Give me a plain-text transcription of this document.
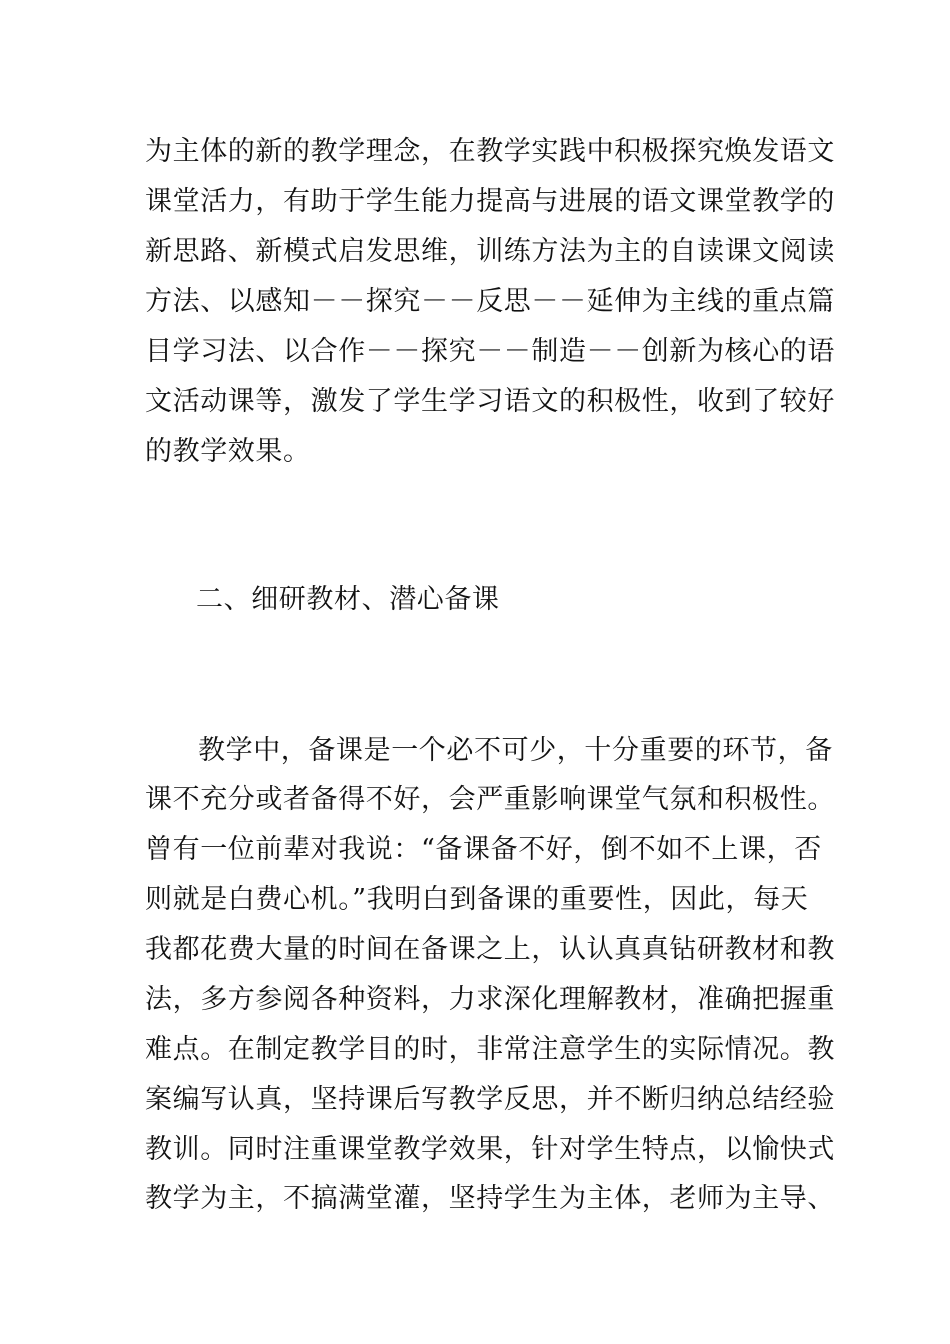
为主体的新的教学理念，在教学实践中积极探究焕发语文
课堂活力，有助于学生能力提高与进展的语文课堂教学的
新思路、新模式启发思维，训练方法为主的自读课文阅读
方法、以感知－－探究－－反思－－延伸为主线的重点篇
目学习法、以合作－－探究－－制造－－创新为核心的语
文活动课等，激发了学生学习语文的积极性，收到了较好
的教学效果。
二、细研教材、潜心备课
教学中，备课是一个必不可少，十分重要的环节，备
课不充分或者备得不好，会严重影响课堂气氛和积极性。
曾有一位前辈对我说：“备课备不好，倒不如不上课，否
则就是白费心机。”我明白到备课的重要性，因此，每天
我都花费大量的时间在备课之上，认认真真钻研教材和教
法，多方参阅各种资料，力求深化理解教材，准确把握重
难点。在制定教学目的时，非常注意学生的实际情况。教
案编写认真，坚持课后写教学反思，并不断归纳总结经验
教训。同时注重课堂教学效果，针对学生特点，以愉快式
教学为主，不搞满堂灌，坚持学生为主体，老师为主导、
